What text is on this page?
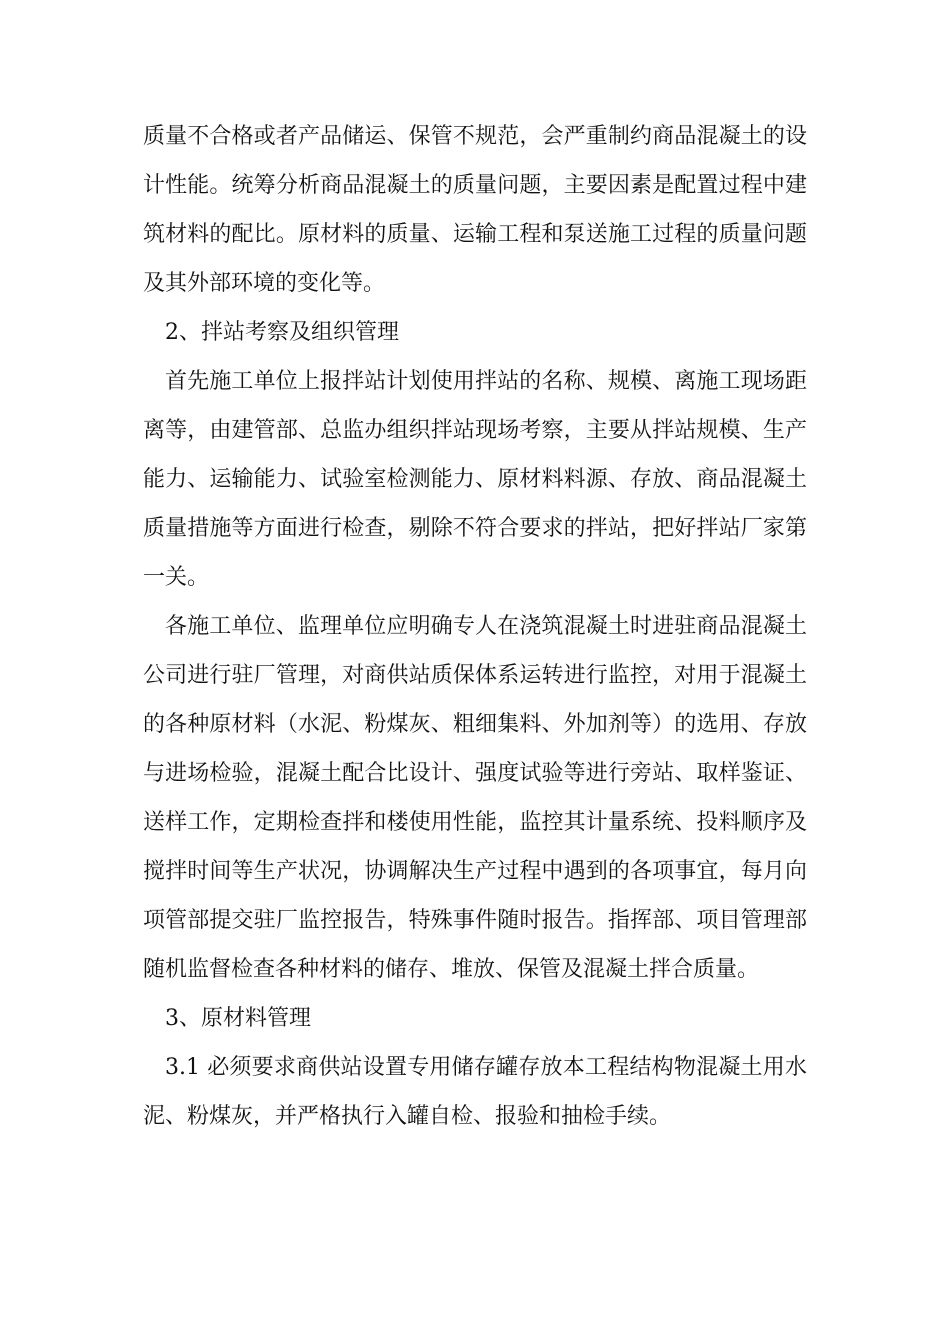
质量不合格或者产品储运、保管不规范，会严重制约商品混凝土的设计性能。统筹分析商品混凝土的质量问题，主要因素是配置过程中建筑材料的配比。原材料的质量、运输工程和泵送施工过程的质量问题及其外部环境的变化等。

2、拌站考察及组织管理

首先施工单位上报拌站计划使用拌站的名称、规模、离施工现场距离等，由建管部、总监办组织拌站现场考察，主要从拌站规模、生产能力、运输能力、试验室检测能力、原材料料源、存放、商品混凝土质量措施等方面进行检查，剔除不符合要求的拌站，把好拌站厂家第一关。

各施工单位、监理单位应明确专人在浇筑混凝土时进驻商品混凝土公司进行驻厂管理，对商供站质保体系运转进行监控，对用于混凝土的各种原材料（水泥、粉煤灰、粗细集料、外加剂等）的选用、存放与进场检验，混凝土配合比设计、强度试验等进行旁站、取样鉴证、送样工作，定期检查拌和楼使用性能，监控其计量系统、投料顺序及搅拌时间等生产状况，协调解决生产过程中遇到的各项事宜，每月向项管部提交驻厂监控报告，特殊事件随时报告。指挥部、项目管理部随机监督检查各种材料的储存、堆放、保管及混凝土拌合质量。

3、原材料管理

3.1 必须要求商供站设置专用储存罐存放本工程结构物混凝土用水泥、粉煤灰，并严格执行入罐自检、报验和抽检手续。
